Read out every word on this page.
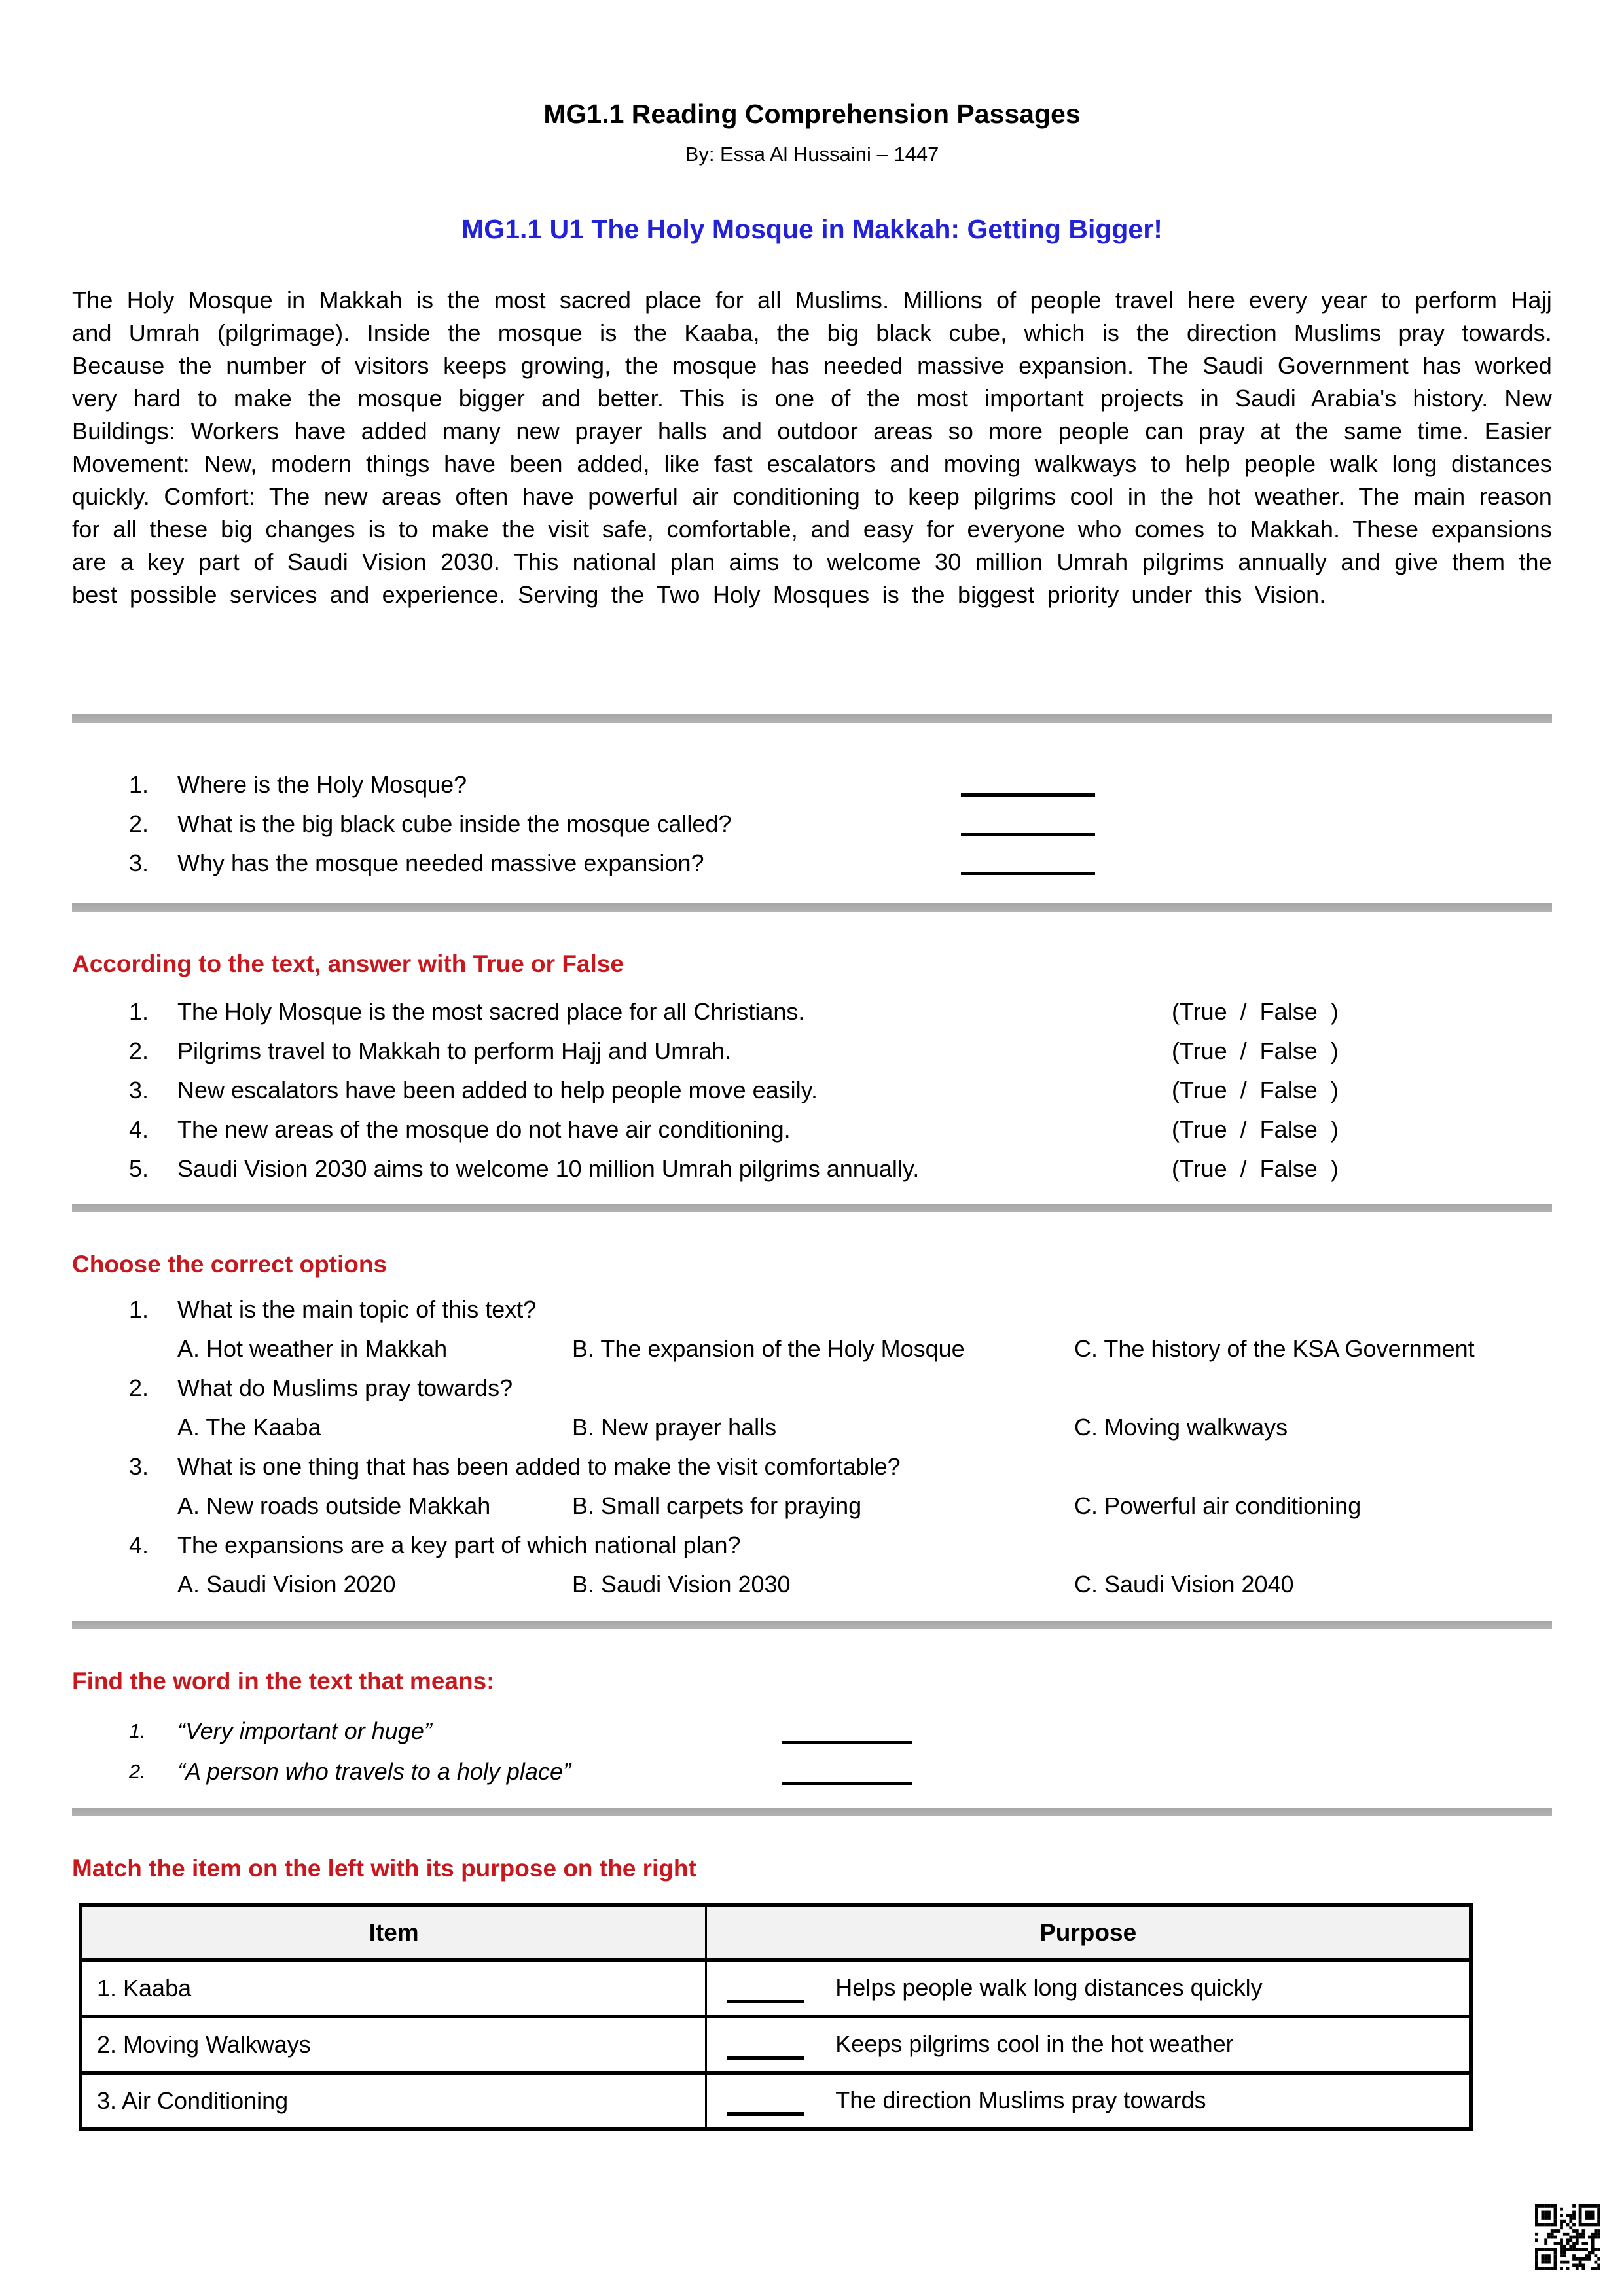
MG1.1 Reading Comprehension Passages
By: Essa Al Hussaini – 1447
MG1.1 U1 The Holy Mosque in Makkah: Getting Bigger!

The Holy Mosque in Makkah is the most sacred place for all Muslims. Millions of people travel here every year to perform Hajj and Umrah (pilgrimage). Inside the mosque is the Kaaba, the big black cube, which is the direction Muslims pray towards. Because the number of visitors keeps growing, the mosque has needed massive expansion. The Saudi Government has worked very hard to make the mosque bigger and better. This is one of the most important projects in Saudi Arabia's history. New Buildings: Workers have added many new prayer halls and outdoor areas so more people can pray at the same time. Easier Movement: New, modern things have been added, like fast escalators and moving walkways to help people walk long distances quickly. Comfort: The new areas often have powerful air conditioning to keep pilgrims cool in the hot weather. The main reason for all these big changes is to make the visit safe, comfortable, and easy for everyone who comes to Makkah. These expansions are a key part of Saudi Vision 2030. This national plan aims to welcome 30 million Umrah pilgrims annually and give them the best possible services and experience. Serving the Two Holy Mosques is the biggest priority under this Vision.

1.	Where is the Holy Mosque?
2.	What is the big black cube inside the mosque called?
3.	Why has the mosque needed massive expansion?
According to the text, answer with True or False
1.	The Holy Mosque is the most sacred place for all Christians.	(True / False )
2.	Pilgrims travel to Makkah to perform Hajj and Umrah.	(True / False )
3.	New escalators have been added to help people move easily.	(True / False )
4.	The new areas of the mosque do not have air conditioning.	(True / False )
5.	Saudi Vision 2030 aims to welcome 10 million Umrah pilgrims annually.	(True / False )
Choose the correct options
1.	What is the main topic of this text?
A. Hot weather in Makkah	B. The expansion of the Holy Mosque	C. The history of the KSA Government
2.	What do Muslims pray towards?
A. The Kaaba	B. New prayer halls	C. Moving walkways
3.	What is one thing that has been added to make the visit comfortable?
A. New roads outside Makkah	B. Small carpets for praying	C. Powerful air conditioning
4.	The expansions are a key part of which national plan?
A. Saudi Vision 2020	B. Saudi Vision 2030	C. Saudi Vision 2040
Find the word in the text that means:
1.	“Very important or huge”
2.	“A person who travels to a holy place”
Match the item on the left with its purpose on the right
Item	Purpose
1. Kaaba	Helps people walk long distances quickly
2. Moving Walkways	Keeps pilgrims cool in the hot weather
3. Air Conditioning	The direction Muslims pray towards
